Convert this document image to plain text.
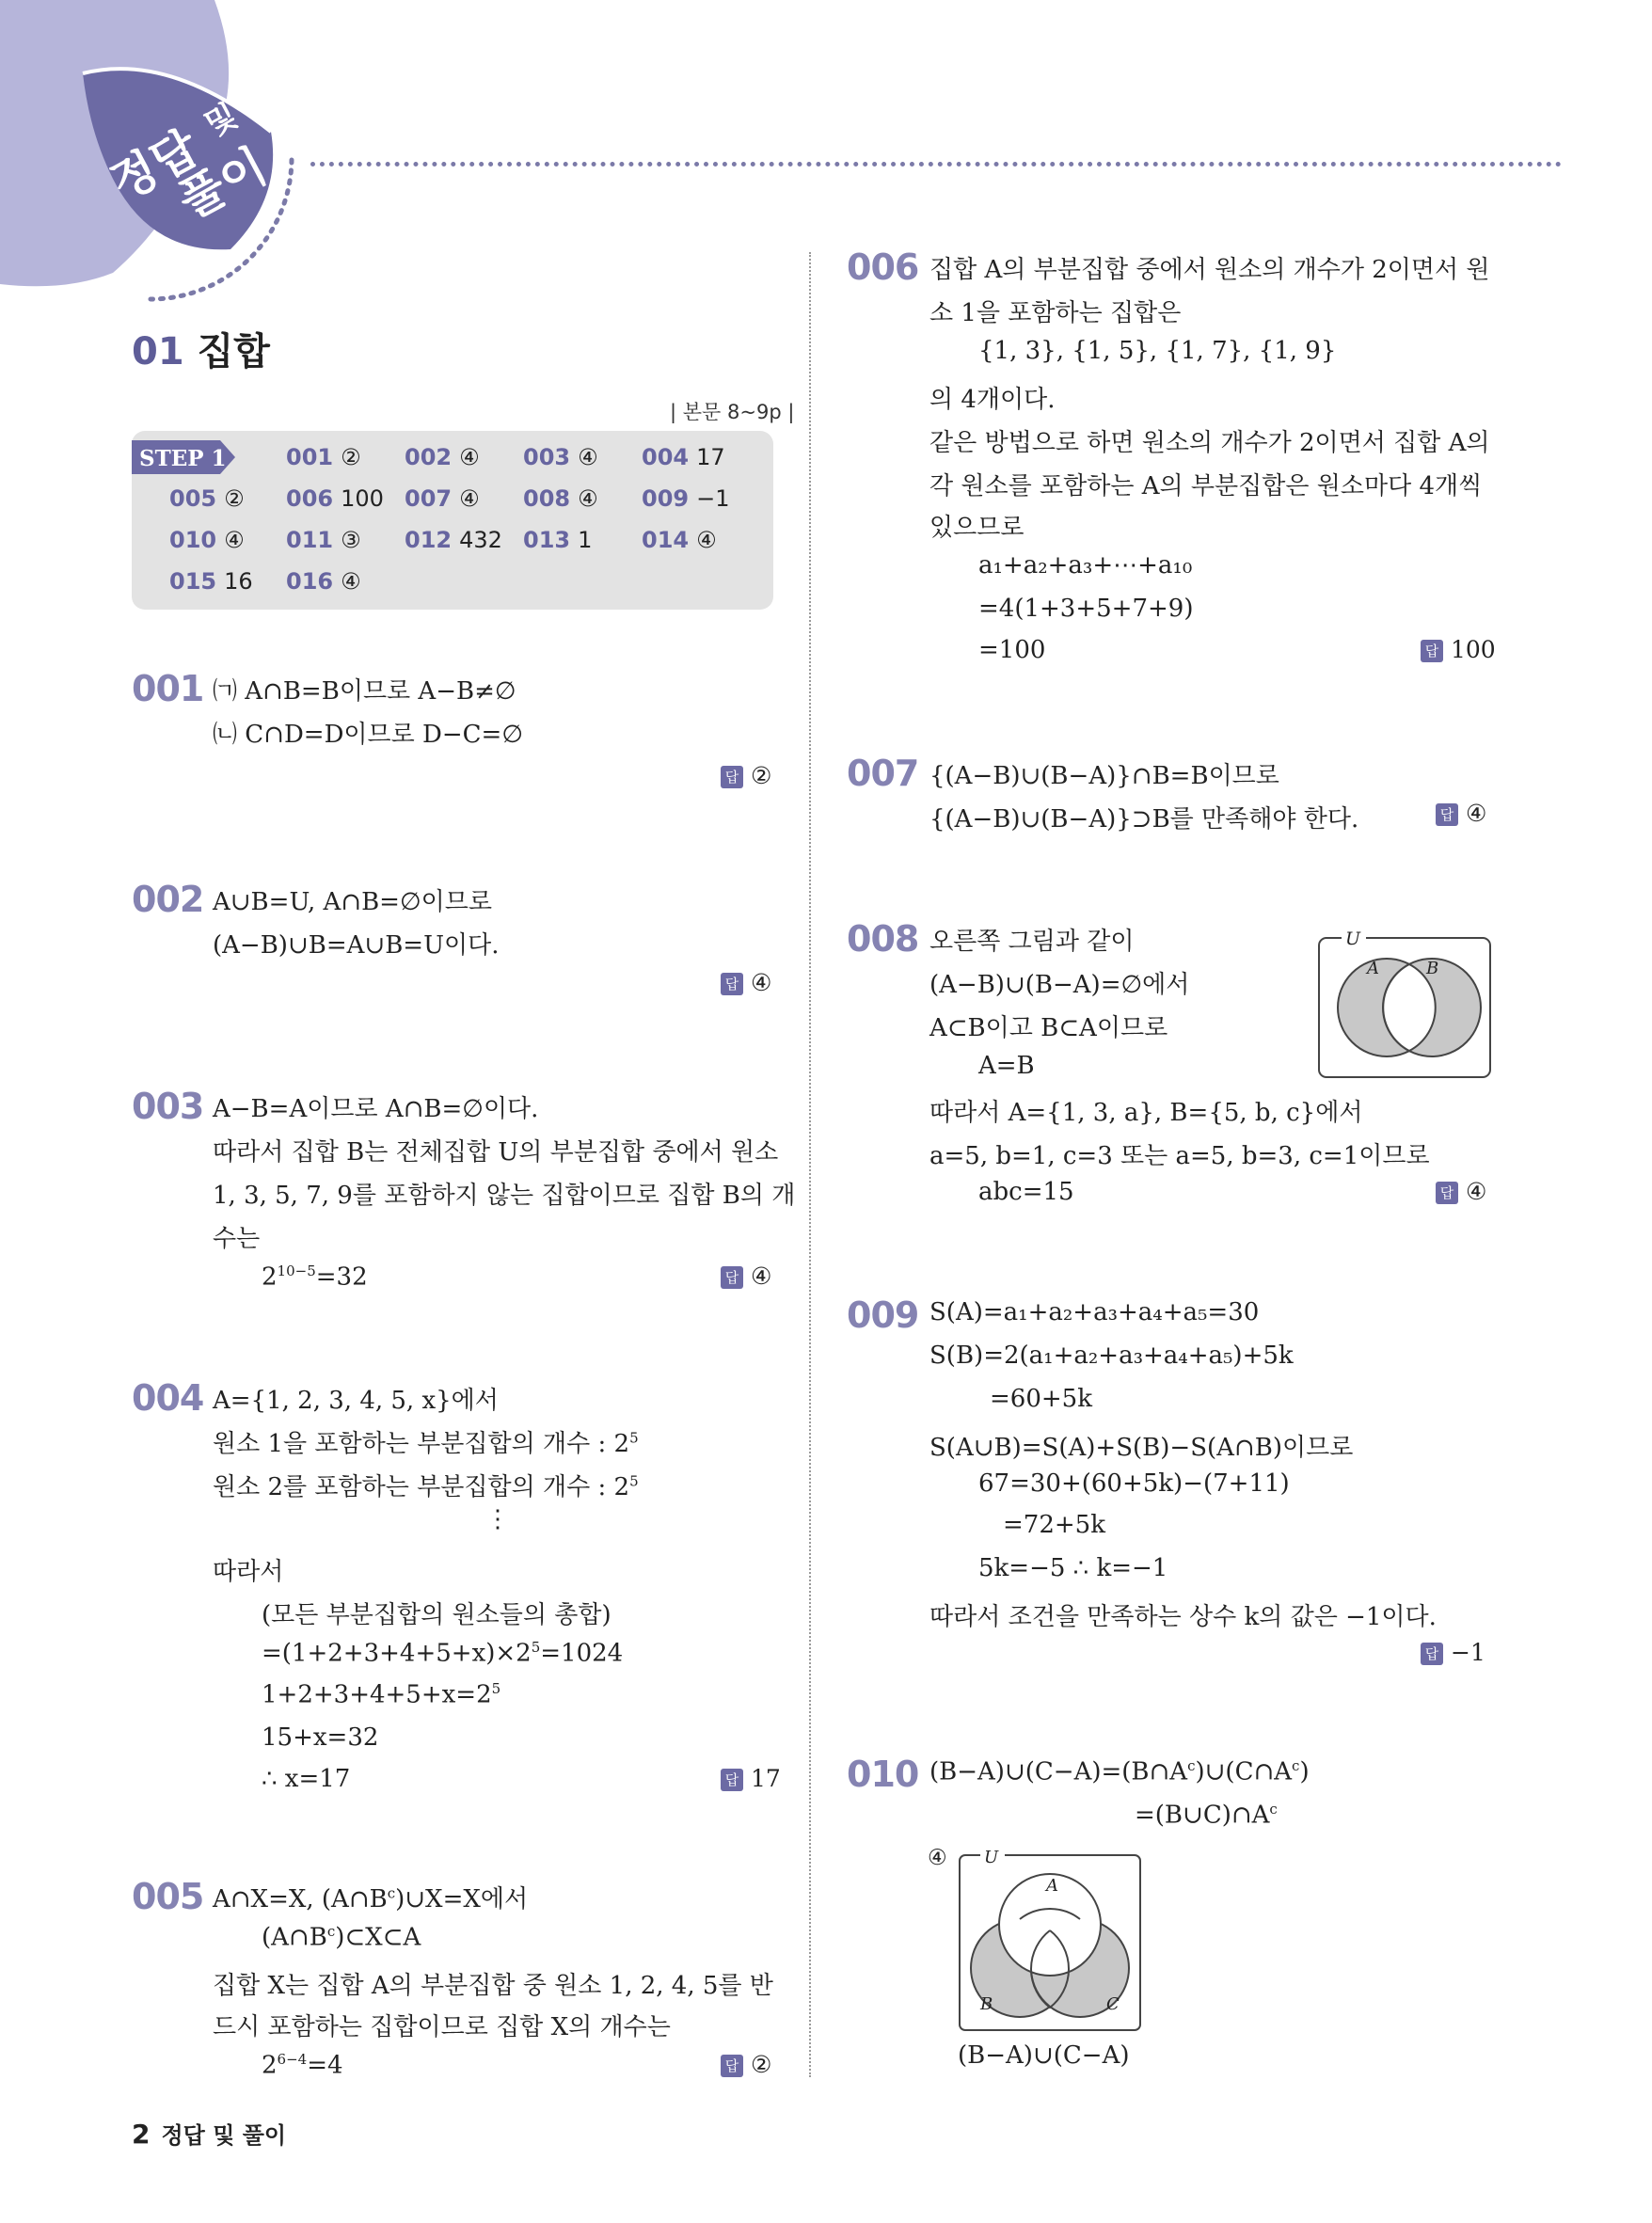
정답
및
풀이
01 집합
| 본문 8~9p |
STEP 1	001 ② 002 ④ 003 ④ 004 17
005 ② 006 100 007 ④ 008 ④ 009 −1
010 ④ 011 ③ 012 432 013 1 014 ④
015 16 016 ④
001 ㈀ A∩B=B이므로 A−B≠∅
㈁ C∩D=D이므로 D−C=∅
답 ②
002 A∪B=U, A∩B=∅이므로
(A−B)∪B=A∪B=U이다.
답 ④
003 A−B=A이므로 A∩B=∅이다.
따라서 집합 B는 전체집합 U의 부분집합 중에서 원소
1, 3, 5, 7, 9를 포함하지 않는 집합이므로 집합 B의 개
수는
$2^{10-5}=32$	답 ④
004 A={1, 2, 3, 4, 5, x}에서
원소 1을 포함하는 부분집합의 개수 : $2^5$
원소 2를 포함하는 부분집합의 개수 : $2^5$
⋮
따라서
(모든 부분집합의 원소들의 총합)
$=(1+2+3+4+5+x)\times 2^5=1024$
$1+2+3+4+5+x=2^5$
15+x=32
∴ x=17	답 17
005 A∩X=X, $(A\cap B^c)\cup X=X$에서
$(A\cap B^c)\subset X\subset A$
집합 X는 집합 A의 부분집합 중 원소 1, 2, 4, 5를 반
드시 포함하는 집합이므로 집합 X의 개수는
$2^{6-4}=4$	답 ②
006 집합 A의 부분집합 중에서 원소의 개수가 2이면서 원
소 1을 포함하는 집합은
{1, 3}, {1, 5}, {1, 7}, {1, 9}
의 4개이다.
같은 방법으로 하면 원소의 개수가 2이면서 집합 A의
각 원소를 포함하는 A의 부분집합은 원소마다 4개씩
있으므로
a₁+a₂+a₃+⋯+a₁₀
=4(1+3+5+7+9)
=100	답 100
007 {(A−B)∪(B−A)}∩B=B이므로
{(A−B)∪(B−A)}⊃B를 만족해야 한다.	답 ④
008 오른쪽 그림과 같이
(A−B)∪(B−A)=∅에서
A⊂B이고 B⊂A이므로
A=B
따라서 A={1, 3, a}, B={5, b, c}에서
a=5, b=1, c=3 또는 a=5, b=3, c=1이므로
abc=15	답 ④
U
A	B
009 S(A)=a₁+a₂+a₃+a₄+a₅=30
S(B)=2(a₁+a₂+a₃+a₄+a₅)+5k
=60+5k
S(A∪B)=S(A)+S(B)−S(A∩B)이므로
67=30+(60+5k)−(7+11)
=72+5k
5k=−5 ∴ k=−1
따라서 조건을 만족하는 상수 k의 값은 −1이다.
답 −1
010 $(B-A)\cup(C-A)=(B\cap A^c)\cup(C\cap A^c)$
$=(B\cup C)\cap A^c$
④ U
A
B	C
(B−A)∪(C−A)
2 정답 및 풀이
